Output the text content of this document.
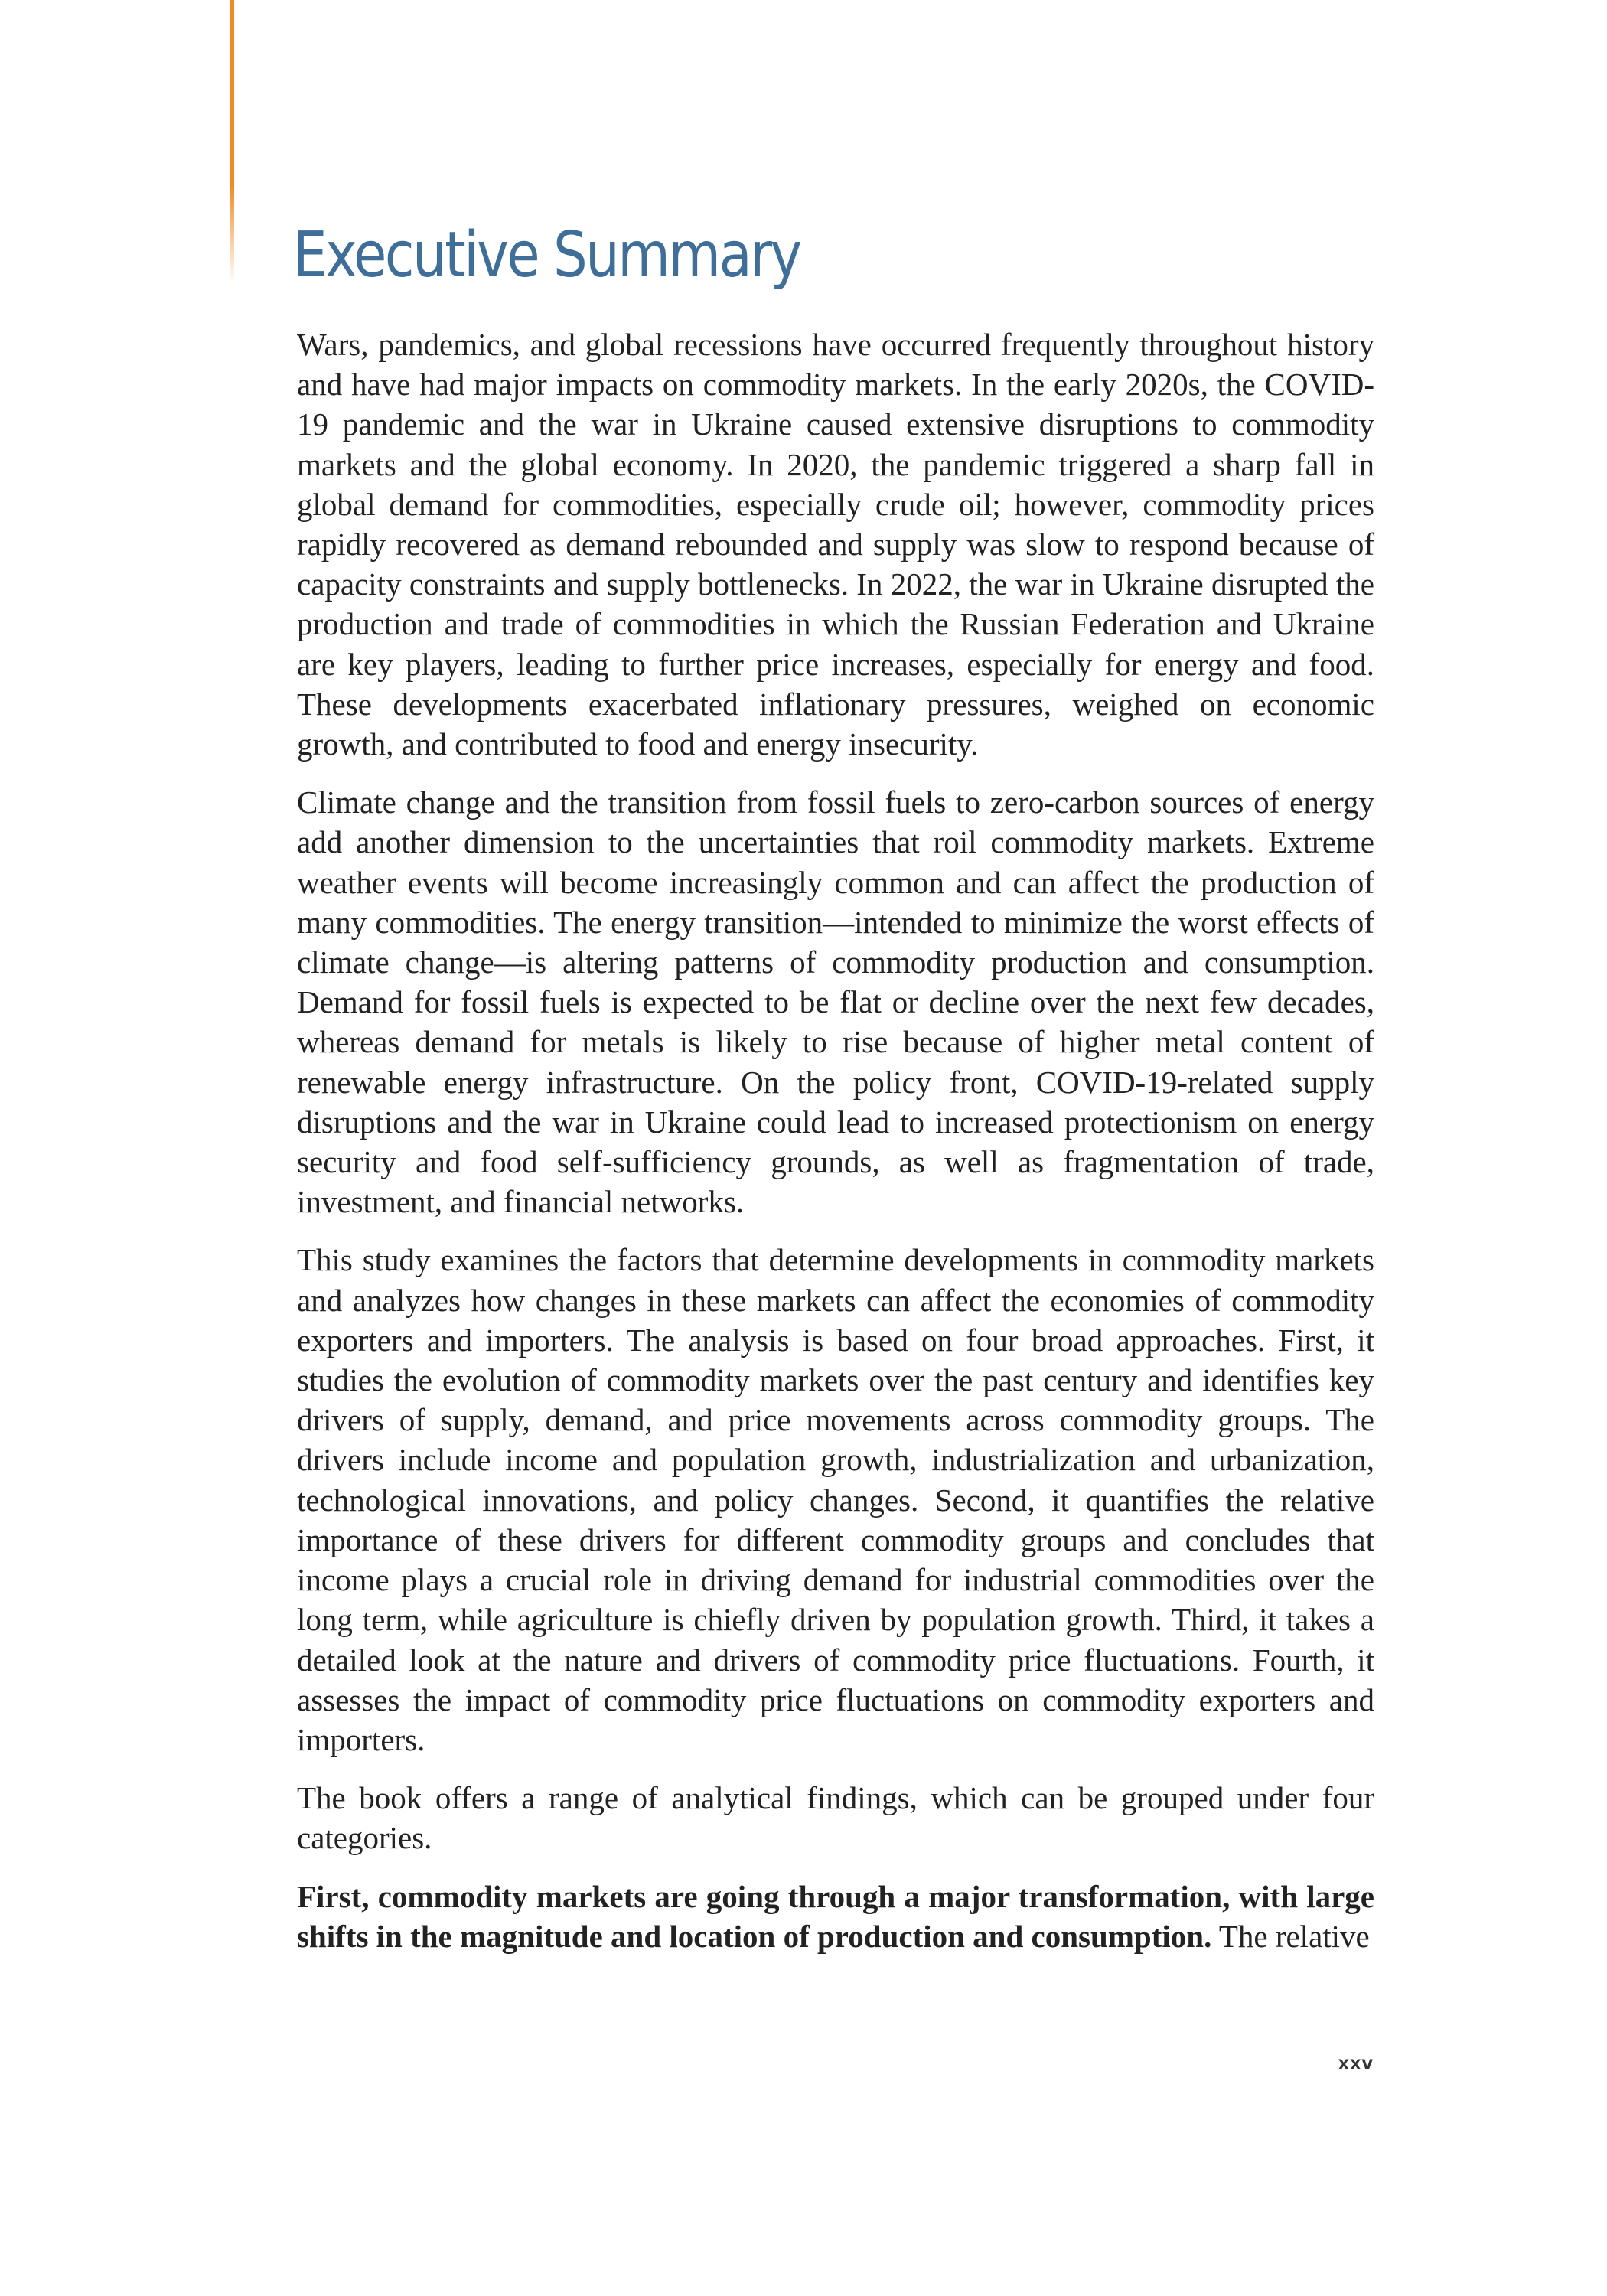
Executive Summary

Wars, pandemics, and global recessions have occurred frequently throughout history and have had major impacts on commodity markets. In the early 2020s, the COVID-19 pandemic and the war in Ukraine caused extensive disruptions to commodity markets and the global economy. In 2020, the pandemic triggered a sharp fall in global demand for commodities, especially crude oil; however, commodity prices rapidly recovered as demand rebounded and supply was slow to respond because of capacity constraints and supply bottlenecks. In 2022, the war in Ukraine disrupted the production and trade of commodities in which the Russian Federation and Ukraine are key players, leading to further price increases, especially for energy and food. These developments exacerbated inflationary pressures, weighed on economic growth, and contributed to food and energy insecurity.

Climate change and the transition from fossil fuels to zero-carbon sources of energy add another dimension to the uncertainties that roil commodity markets. Extreme weather events will become increasingly common and can affect the production of many commodities. The energy transition—intended to minimize the worst effects of climate change—is altering patterns of commodity production and consumption. Demand for fossil fuels is expected to be flat or decline over the next few decades, whereas demand for metals is likely to rise because of higher metal content of renewable energy infrastructure. On the policy front, COVID-19-related supply disruptions and the war in Ukraine could lead to increased protectionism on energy security and food self-sufficiency grounds, as well as fragmentation of trade, investment, and financial networks.

This study examines the factors that determine developments in commodity markets and analyzes how changes in these markets can affect the economies of commodity exporters and importers. The analysis is based on four broad approaches. First, it studies the evolution of commodity markets over the past century and identifies key drivers of supply, demand, and price movements across commodity groups. The drivers include income and population growth, industrialization and urbanization, technological innovations, and policy changes. Second, it quantifies the relative importance of these drivers for different commodity groups and concludes that income plays a crucial role in driving demand for industrial commodities over the long term, while agriculture is chiefly driven by population growth. Third, it takes a detailed look at the nature and drivers of commodity price fluctuations. Fourth, it assesses the impact of commodity price fluctuations on commodity exporters and importers.

The book offers a range of analytical findings, which can be grouped under four categories.

First, commodity markets are going through a major transformation, with large shifts in the magnitude and location of production and consumption. The relative

xxv
